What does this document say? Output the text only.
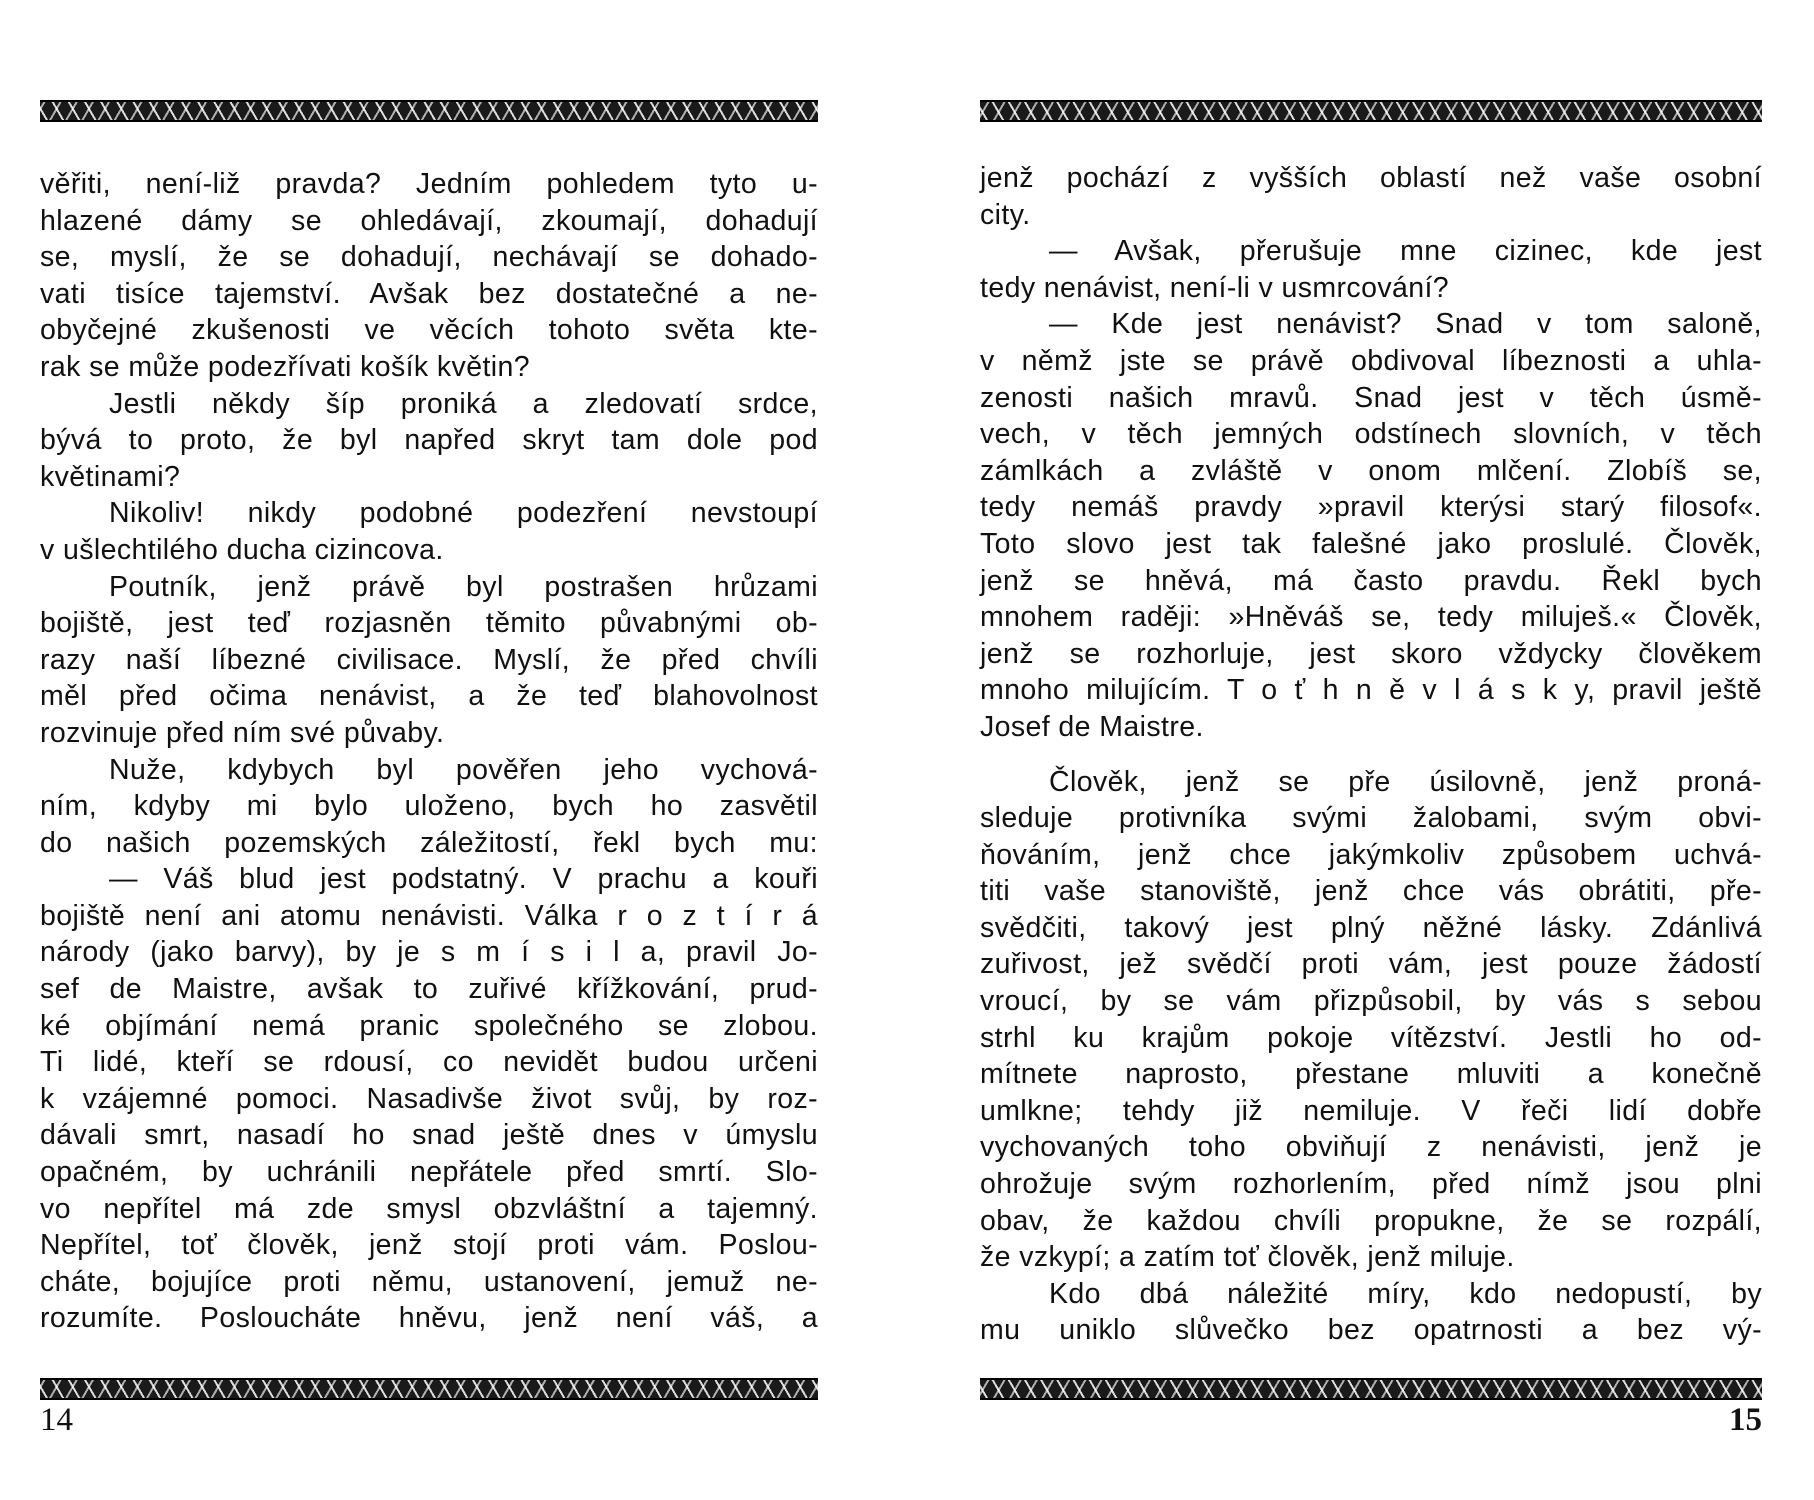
věřiti, není-liž pravda? Jedním pohledem tyto u-
hlazené dámy se ohledávají, zkoumají, dohadují
se, myslí, že se dohadují, nechávají se dohado-
vati tisíce tajemství. Avšak bez dostatečné a ne-
obyčejné zkušenosti ve věcích tohoto světa kte-
rak se může podezřívati košík květin?
Jestli někdy šíp proniká a zledovatí srdce,
bývá to proto, že byl napřed skryt tam dole pod
květinami?
Nikoliv! nikdy podobné podezření nevstoupí
v ušlechtilého ducha cizincova.
Poutník, jenž právě byl postrašen hrůzami
bojiště, jest teď rozjasněn těmito půvabnými ob-
razy naší líbezné civilisace. Myslí, že před chvíli
měl před očima nenávist, a že teď blahovolnost
rozvinuje před ním své půvaby.
Nuže, kdybych byl pověřen jeho vychová-
ním, kdyby mi bylo uloženo, bych ho zasvětil
do našich pozemských záležitostí, řekl bych mu:
— Váš blud jest podstatný. V prachu a kouři
bojiště není ani atomu nenávisti. Válka r o z t í r á
národy (jako barvy), by je s m í s i l a, pravil Jo-
sef de Maistre, avšak to zuřivé křížkování, prud-
ké objímání nemá pranic společného se zlobou.
Ti lidé, kteří se rdousí, co nevidět budou určeni
k vzájemné pomoci. Nasadivše život svůj, by roz-
dávali smrt, nasadí ho snad ještě dnes v úmyslu
opačném, by uchránili nepřátele před smrtí. Slo-
vo nepřítel má zde smysl obzvláštní a tajemný.
Nepřítel, toť člověk, jenž stojí proti vám. Poslou-
cháte, bojujíce proti němu, ustanovení, jemuž ne-
rozumíte. Posloucháte hněvu, jenž není váš, a
14
jenž pochází z vyšších oblastí než vaše osobní
city.
— Avšak, přerušuje mne cizinec, kde jest
tedy nenávist, není-li v usmrcování?
— Kde jest nenávist? Snad v tom saloně,
v němž jste se právě obdivoval líbeznosti a uhla-
zenosti našich mravů. Snad jest v těch úsmě-
vech, v těch jemných odstínech slovních, v těch
zámlkách a zvláště v onom mlčení. Zlobíš se,
tedy nemáš pravdy »pravil kterýsi starý filosof«.
Toto slovo jest tak falešné jako proslulé. Člověk,
jenž se hněvá, má často pravdu. Řekl bych
mnohem raději: »Hněváš se, tedy miluješ.« Člověk,
jenž se rozhorluje, jest skoro vždycky člověkem
mnoho milujícím. T o ť h n ě v l á s k y, pravil ještě
Josef de Maistre.
Člověk, jenž se pře úsilovně, jenž proná-
sleduje protivníka svými žalobami, svým obvi-
ňováním, jenž chce jakýmkoliv způsobem uchvá-
titi vaše stanoviště, jenž chce vás obrátiti, pře-
svědčiti, takový jest plný něžné lásky. Zdánlivá
zuřivost, jež svědčí proti vám, jest pouze žádostí
vroucí, by se vám přizpůsobil, by vás s sebou
strhl ku krajům pokoje vítězství. Jestli ho od-
mítnete naprosto, přestane mluviti a konečně
umlkne; tehdy již nemiluje. V řeči lidí dobře
vychovaných toho obviňují z nenávisti, jenž je
ohrožuje svým rozhorlením, před nímž jsou plni
obav, že každou chvíli propukne, že se rozpálí,
že vzkypí; a zatím toť člověk, jenž miluje.
Kdo dbá náležité míry, kdo nedopustí, by
mu uniklo slůvečko bez opatrnosti a bez vý-
15
